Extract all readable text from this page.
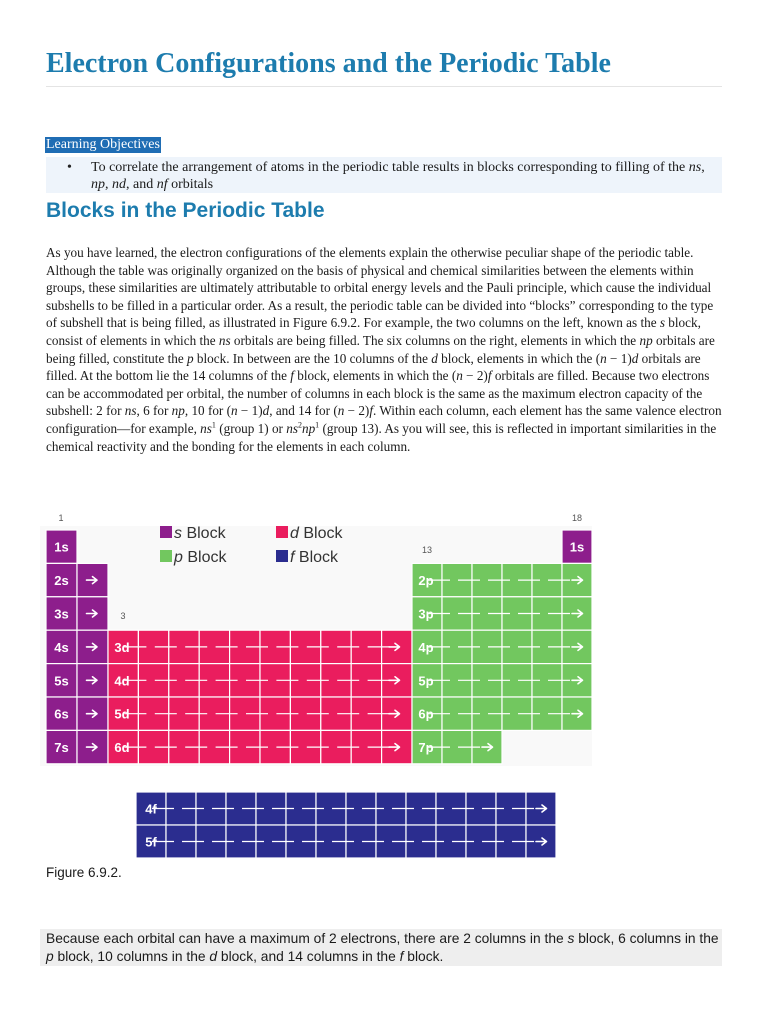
Electron Configurations and the Periodic Table
Learning Objectives
• To correlate the arrangement of atoms in the periodic table results in blocks corresponding to filling of the ns, np, nd, and nf orbitals
Blocks in the Periodic Table

As you have learned, the electron configurations of the elements explain the otherwise peculiar shape of the periodic table. Although the table was originally organized on the basis of physical and chemical similarities between the elements within groups, these similarities are ultimately attributable to orbital energy levels and the Pauli principle, which cause the individual subshells to be filled in a particular order. As a result, the periodic table can be divided into “blocks” corresponding to the type of subshell that is being filled, as illustrated in Figure 6.9.2. For example, the two columns on the left, known as the s block, consist of elements in which the ns orbitals are being filled. The six columns on the right, elements in which the np orbitals are being filled, constitute the p block. In between are the 10 columns of the d block, elements in which the (n − 1)d orbitals are filled. At the bottom lie the 14 columns of the f block, elements in which the (n − 2)f orbitals are filled. Because two electrons can be accommodated per orbital, the number of columns in each block is the same as the maximum electron capacity of the subshell: 2 for ns, 6 for np, 10 for (n − 1)d, and 14 for (n − 2)f. Within each column, each element has the same valence electron configuration—for example, $ns^1$ (group 1) or $ns^2np^1$ (group 13). As you will see, this is reflected in important similarities in the chemical reactivity and the bonding for the elements in each column.

1
3
13
18
1s
2s
3s
4s
5s
6s
7s
3d
4d
5d
6d
1s
2p
3p
4p
5p
6p
7p
4f
5f
s Block
p Block
d Block
f Block
Figure 6.9.2.
Because each orbital can have a maximum of 2 electrons, there are 2 columns in the s block, 6 columns in the p block, 10 columns in the d block, and 14 columns in the f block.
